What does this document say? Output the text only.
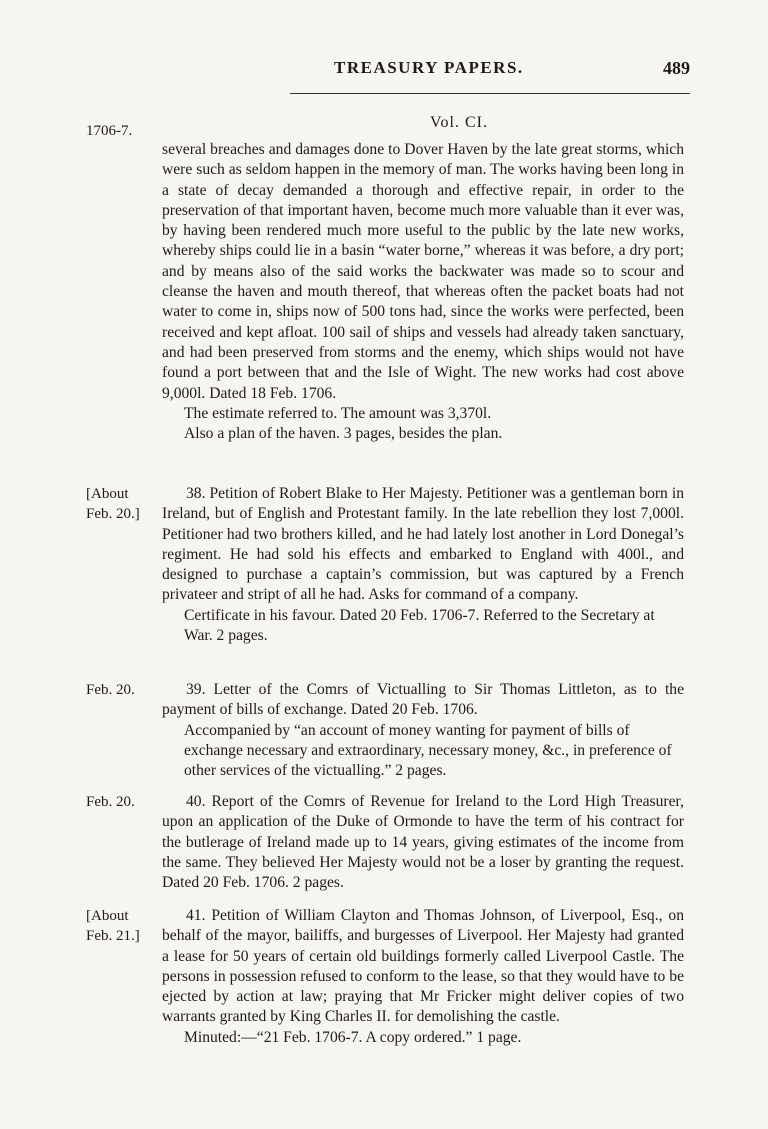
TREASURY PAPERS.	489
Vol. CI.
1706-7.

several breaches and damages done to Dover Haven by the late great storms, which were such as seldom happen in the memory of man. The works having been long in a state of decay demanded a thorough and effective repair, in order to the preservation of that important haven, become much more valuable than it ever was, by having been rendered much more useful to the public by the late new works, whereby ships could lie in a basin “water borne,” whereas it was before, a dry port; and by means also of the said works the backwater was made so to scour and cleanse the haven and mouth thereof, that whereas often the packet boats had not water to come in, ships now of 500 tons had, since the works were perfected, been received and kept afloat. 100 sail of ships and vessels had already taken sanctuary, and had been preserved from storms and the enemy, which ships would not have found a port between that and the Isle of Wight. The new works had cost above 9,000l. Dated 18 Feb. 1706.

The estimate referred to. The amount was 3,370l.

Also a plan of the haven. 3 pages, besides the plan.

[About
Feb. 20.]

38. Petition of Robert Blake to Her Majesty. Petitioner was a gentleman born in Ireland, but of English and Protestant family. In the late rebellion they lost 7,000l. Petitioner had two brothers killed, and he had lately lost another in Lord Donegal’s regiment. He had sold his effects and embarked to England with 400l., and designed to purchase a captain’s commission, but was captured by a French privateer and stript of all he had. Asks for command of a company.

Certificate in his favour. Dated 20 Feb. 1706-7. Referred to the Secretary at War. 2 pages.

Feb. 20.	39. Letter of the Comrs of Victualling to Sir Thomas Littleton, as to the payment of bills of exchange. Dated 20 Feb. 1706.

Accompanied by “an account of money wanting for payment of bills of exchange necessary and extraordinary, necessary money, &c., in preference of other services of the victualling.” 2 pages.

Feb. 20.	40. Report of the Comrs of Revenue for Ireland to the Lord High Treasurer, upon an application of the Duke of Ormonde to have the term of his contract for the butlerage of Ireland made up to 14 years, giving estimates of the income from the same. They believed Her Majesty would not be a loser by granting the request. Dated 20 Feb. 1706. 2 pages.

[About
Feb. 21.]

41. Petition of William Clayton and Thomas Johnson, of Liverpool, Esq., on behalf of the mayor, bailiffs, and burgesses of Liverpool. Her Majesty had granted a lease for 50 years of certain old buildings formerly called Liverpool Castle. The persons in possession refused to conform to the lease, so that they would have to be ejected by action at law; praying that Mr Fricker might deliver copies of two warrants granted by King Charles II. for demolishing the castle.

Minuted:—“21 Feb. 1706-7. A copy ordered.” 1 page.
